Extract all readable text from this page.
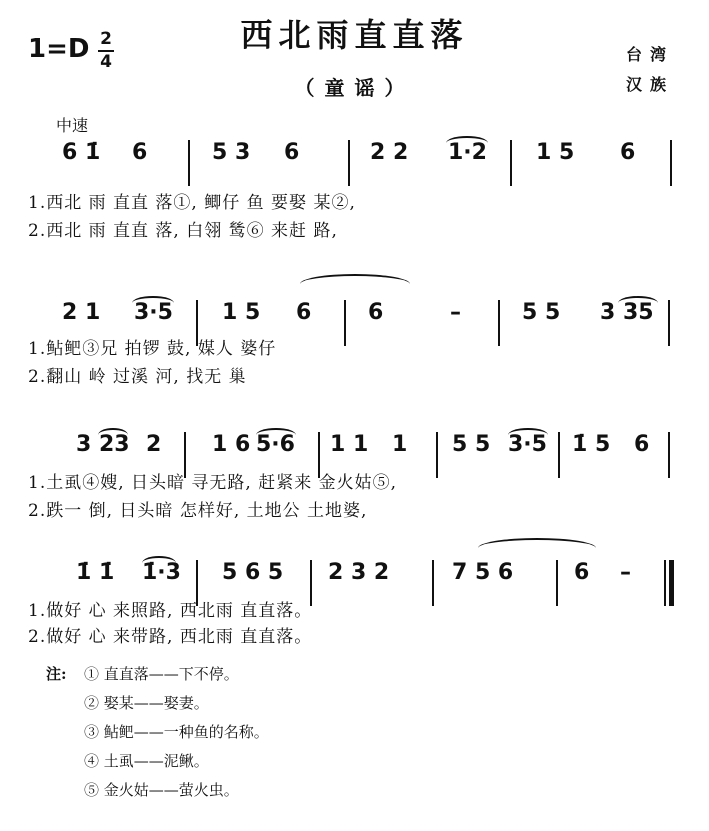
西北雨直直落
（童谣）
1=D 2
4	台湾
汉族
中速
6 1̇ 6	5 3 6	2 2 1·2 1 5 6
1.西北 雨 直直 落①, 鲫仔 鱼 要娶 某②,
2.西北 雨 直直 落, 白翎 鸶⑥ 来赶 路,
2 1 3·5 1 5 6	6	–	5 5 3 35
1.鲇鲃③兄 拍锣 鼓, 媒人 婆仔
2.翻山 岭 过溪 河, 找无 巢
3 23 2 1 6 5·6 1 1 1 5 5 3·5 1̇ 5 6
1.土虱④嫂, 日头暗 寻无路, 赶紧来 金火姑⑤,
2.跌一 倒, 日头暗 怎样好, 土地公 土地婆,
1̇ 1̇ 1̇·3 5 6 5 2 3 2	7 5 6	6 –
1.做好 心 来照路, 西北雨 直直落。
2.做好 心 来带路, 西北雨 直直落。
注: ① 直直落——下不停。
② 娶某——娶妻。
③ 鲇鲃——一种鱼的名称。
④ 土虱——泥鳅。
⑤ 金火姑——萤火虫。
